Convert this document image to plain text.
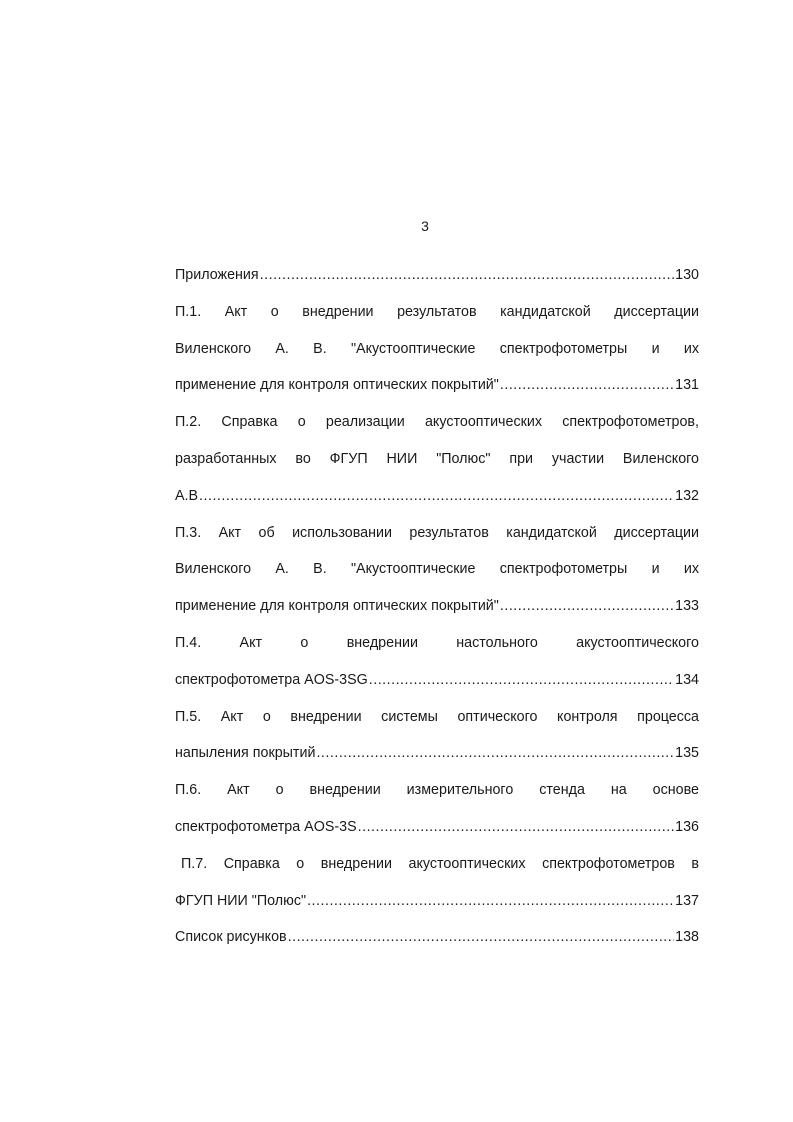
3
Приложения .....	130
П.1. Акт о внедрении результатов кандидатской диссертации
Виленского А. В. "Акустооптические спектрофотометры и их
применение для контроля оптических покрытий" .....	131
П.2. Справка о реализации акустооптических спектрофотометров,
разработанных во ФГУП НИИ "Полюс" при участии Виленского
А.В .....	132
П.3. Акт об использовании результатов кандидатской диссертации
Виленского А. В. "Акустооптические спектрофотометры и их
применение для контроля оптических покрытий" .....	133
П.4. Акт о внедрении настольного акустооптического
спектрофотометра AOS-3SG .....	134
П.5. Акт о внедрении системы оптического контроля процесса
напыления покрытий .....	135
П.6. Акт о внедрении измерительного стенда на основе
спектрофотометра AOS-3S .....	136
П.7. Справка о внедрении акустооптических спектрофотометров в
ФГУП НИИ "Полюс" .....	137
Список рисунков .....	138
